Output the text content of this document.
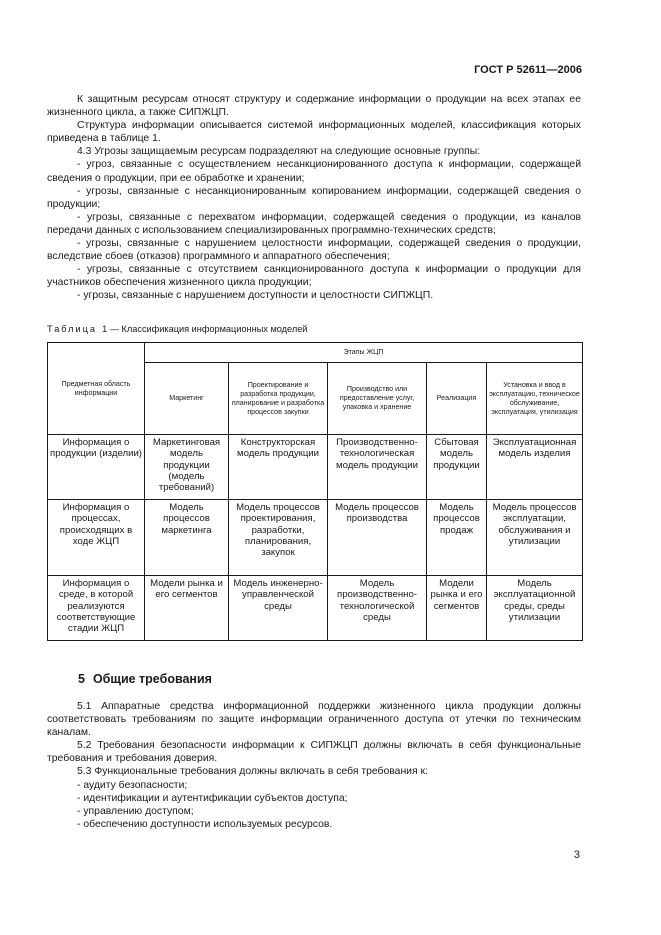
ГОСТ Р 52611—2006

К защитным ресурсам относят структуру и содержание информации о продукции на всех этапах ее жизненного цикла, а также СИПЖЦП.

Структура информации описывается системой информационных моделей, классификация которых приведена в таблице 1.

4.3 Угрозы защищаемым ресурсам подразделяют на следующие основные группы:

- угроз, связанные с осуществлением несанкционированного доступа к информации, содержащей сведения о продукции, при ее обработке и хранении;

- угрозы, связанные с несанкционированным копированием информации, содержащей сведения о продукции;

- угрозы, связанные с перехватом информации, содержащей сведения о продукции, из каналов передачи данных с использованием специализированных программно-технических средств;

- угрозы, связанные с нарушением целостности информации, содержащей сведения о продукции, вследствие сбоев (отказов) программного и аппаратного обеспечения;

- угрозы, связанные с отсутствием санкционированного доступа к информации о продукции для участников обеспечения жизненного цикла продукции;

- угрозы, связанные с нарушением доступности и целостности СИПЖЦП.

Таблица 1 — Классификация информационных моделей
Предметная область информации	Этапы ЖЦП				
	Маркетинг	Проектирование и разработка продукции, планирование и разработка процессов закупки	Производство или предоставление услуг, упаковка и хранение	Реализация	Установка и ввод в эксплуатацию, техническое обслуживание, эксплуатация, утилизация
Информация о продукции (изделии)	Маркетинговая модель продукции (модель требований)	Конструкторская модель продукции	Производственно-технологическая модель продукции	Сбытовая модель продукции	Эксплуатационная модель изделия
Информация о процессах, происходящих в ходе ЖЦП	Модель процессов маркетинга	Модель процессов проектирования, разработки, планирования, закупок	Модель процессов производства	Модель процессов продаж	Модель процессов эксплуатации, обслуживания и утилизации
Информация о среде, в которой реализуются соответствующие стадии ЖЦП	Модели рынка и его сегментов	Модель инженерно-управленческой среды	Модель производственно-технологической среды	Модели рынка и его сегментов	Модель эксплуатационной среды, среды утилизации
5 Общие требования

5.1 Аппаратные средства информационной поддержки жизненного цикла продукции должны соответствовать требованиям по защите информации ограниченного доступа от утечки по техническим каналам.

5.2 Требования безопасности информации к СИПЖЦП должны включать в себя функциональные требования и требования доверия.

5.3 Функциональные требования должны включать в себя требования к:

- аудиту безопасности;

- идентификации и аутентификации субъектов доступа;

- управлению доступом;

- обеспечению доступности используемых ресурсов.

3
